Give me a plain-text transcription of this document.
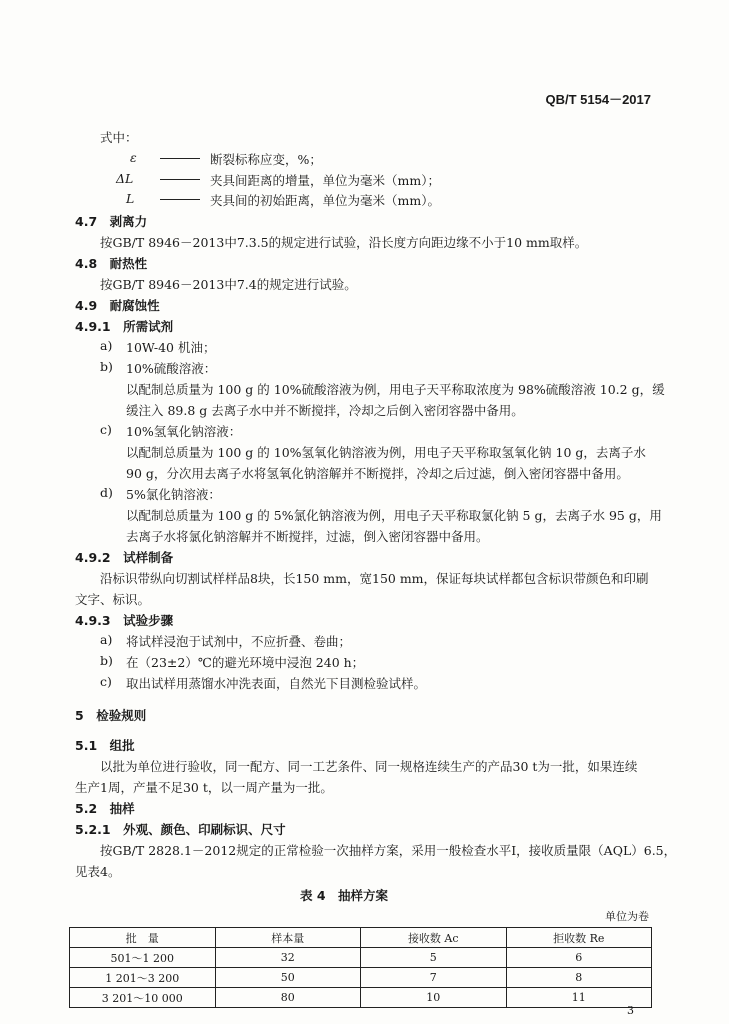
QB/T 5154－2017
式中：
ε	断裂标称应变，%；
ΔL	夹具间距离的增量，单位为毫米（mm）；
L	夹具间的初始距离，单位为毫米（mm）。
4.7　 剥离力
按GB/T 8946－2013中7.3.5的规定进行试验，沿长度方向距边缘不小于10 mm取样。
4.8　 耐热性
按GB/T 8946－2013中7.4的规定进行试验。
4.9　 耐腐蚀性
4.9.1　 所需试剂
a) 10W-40 机油；
b) 10%硫酸溶液：
以配制总质量为 100 g 的 10%硫酸溶液为例，用电子天平称取浓度为 98%硫酸溶液 10.2 g，缓
缓注入 89.8 g 去离子水中并不断搅拌，冷却之后倒入密闭容器中备用。
c) 10%氢氧化钠溶液：
以配制总质量为 100 g 的 10%氢氧化钠溶液为例，用电子天平称取氢氧化钠 10 g，去离子水
90 g，分次用去离子水将氢氧化钠溶解并不断搅拌，冷却之后过滤，倒入密闭容器中备用。
d) 5%氯化钠溶液：
以配制总质量为 100 g 的 5%氯化钠溶液为例，用电子天平称取氯化钠 5 g，去离子水 95 g，用
去离子水将氯化钠溶解并不断搅拌，过滤，倒入密闭容器中备用。
4.9.2　 试样制备
沿标识带纵向切割试样样品8块，长150 mm，宽150 mm，保证每块试样都包含标识带颜色和印刷
文字、标识。
4.9.3　 试验步骤
a) 将试样浸泡于试剂中，不应折叠、卷曲；
b) 在（23±2）℃的避光环境中浸泡 240 h；
c) 取出试样用蒸馏水冲洗表面，自然光下目测检验试样。
5　 检验规则
5.1　 组批
以批为单位进行验收，同一配方、同一工艺条件、同一规格连续生产的产品30 t为一批，如果连续
生产1周，产量不足30 t，以一周产量为一批。
5.2　 抽样
5.2.1　 外观、颜色、印刷标识、尺寸
按GB/T 2828.1－2012规定的正常检验一次抽样方案，采用一般检查水平I，接收质量限（AQL）6.5，
见表4。
表 4　抽样方案
单位为卷
批　量	样本量	接收数 Ac	拒收数 Re
501～1 200	32	5	6
1 201～3 200	50	7	8
3 201～10 000	80	10	11
3
